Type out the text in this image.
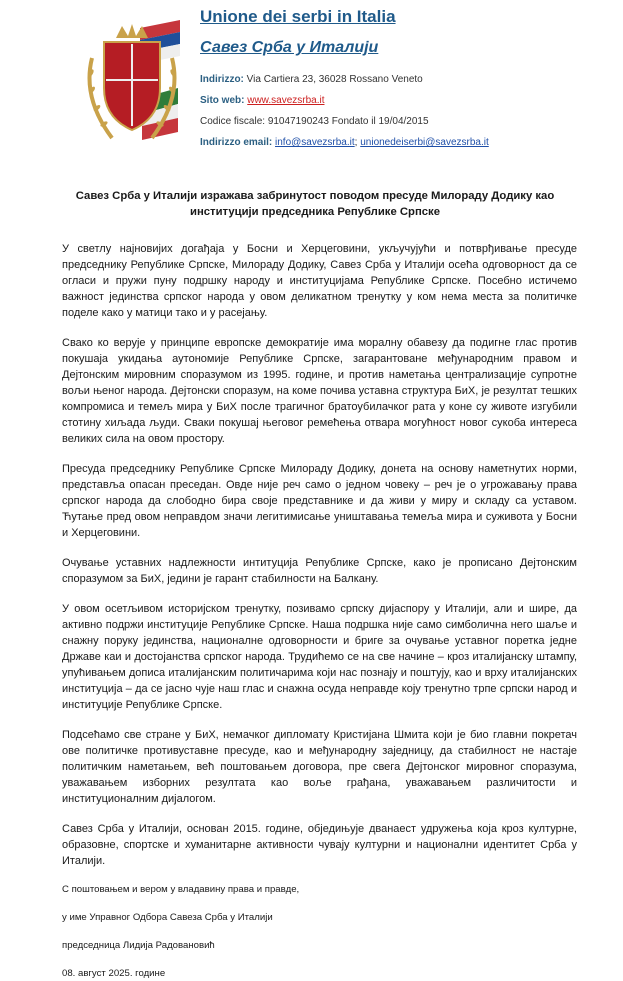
Unione dei serbi in Italia

Савез Срба у Италији

Indirizzo: Via Cartiera 23, 36028 Rossano Veneto

Sito web: www.savezsrba.it

Codice fiscale: 91047190243 Fondato il 19/04/2015

Indirizzo email: info@savezsrba.it; unionedeiserbi@savezsrba.it

Савез Срба у Италији изражава забринутост поводом пресуде Милораду Додику као институцији председника Републике Српске

У светлу најновијих догађаја у Босни и Херцеговини, укључујући и потврђивање пресуде председнику Републике Српске, Милораду Додику, Савез Срба у Италији осећа одговорност да се огласи и пружи пуну подршку народу и институцијама Републике Српске. Посебно истичемо важност јединства српског народа у овом деликатном тренутку у ком нема места за политичке поделе како у матици тако и у расејању.

Свако ко верује у принципе европске демократије има моралну обавезу да подигне глас против покушаја укидања аутономије Републике Српске, загарантоване међународним правом и Дејтонским мировним споразумом из 1995. године, и против наметања централизације супротне вољи њеног народа. Дејтонски споразум, на коме почива уставна структура БиХ, је резултат тешких компромиса и темељ мира у БиХ после трагичног братоубилачког рата у коне су животе изгубили стотину хиљада људи. Сваки покушај његовог ремећења отвара могућност новог сукоба интереса великих сила на овом простору.

Пресуда председнику Републике Српске Милораду Додику, донета на основу наметнутих норми, представља опасан преседан. Овде није реч само о једном човеку – реч је о угрожавању права српског народа да слободно бира своје представнике и да живи у миру и складу са уставом. Ћутање пред овом неправдом значи легитимисање уништавања темеља мира и суживота у Босни и Херцеговини.

Очување уставних надлежности интитуција Републике Српске, како је прописано Дејтонским споразумом за БиХ, једини је гарант стабилности на Балкану.

У овом осетљивом историјском тренутку, позивамо српску дијаспору у Италији, али и шире, да активно подржи институције Републике Српске. Наша подршка није само симболична него шаље и снажну поруку јединства, националне одговорности и бриге за очување уставног поретка једне Државе каи и достојанства српског народа. Трудићемо се на све начине – кроз италијанску штампу, упућивањем дописа италијанским политичарима који нас познају и поштују, као и врху италијанских институција – да се јасно чује наш глас и снажна осуда неправде коју тренутно трпе српски народ и институције Републике Српске.

Подсећамо све стране у БиХ, немачког дипломату Кристијана Шмита који је био главни покретач ове политичке противуставне пресуде, као и међународну заједницу, да стабилност не настаје политичким наметањем, већ поштовањем договора, пре свега Дејтонског мировног споразума, уважавањем изборних резултата као воље грађана, уважавањем различитости и институционалним дијалогом.

Савез Срба у Италији, основан 2015. године, обједињује дванаест удружења која кроз културне, образовне, спортске и хуманитарне активности чувају културни и национални идентитет Срба у Италији.

С поштовањем и вером у владавину права и правде,

у име Управног Одбора Савеза Срба у Италији

председница Лидија Радовановић

08. август 2025. године
